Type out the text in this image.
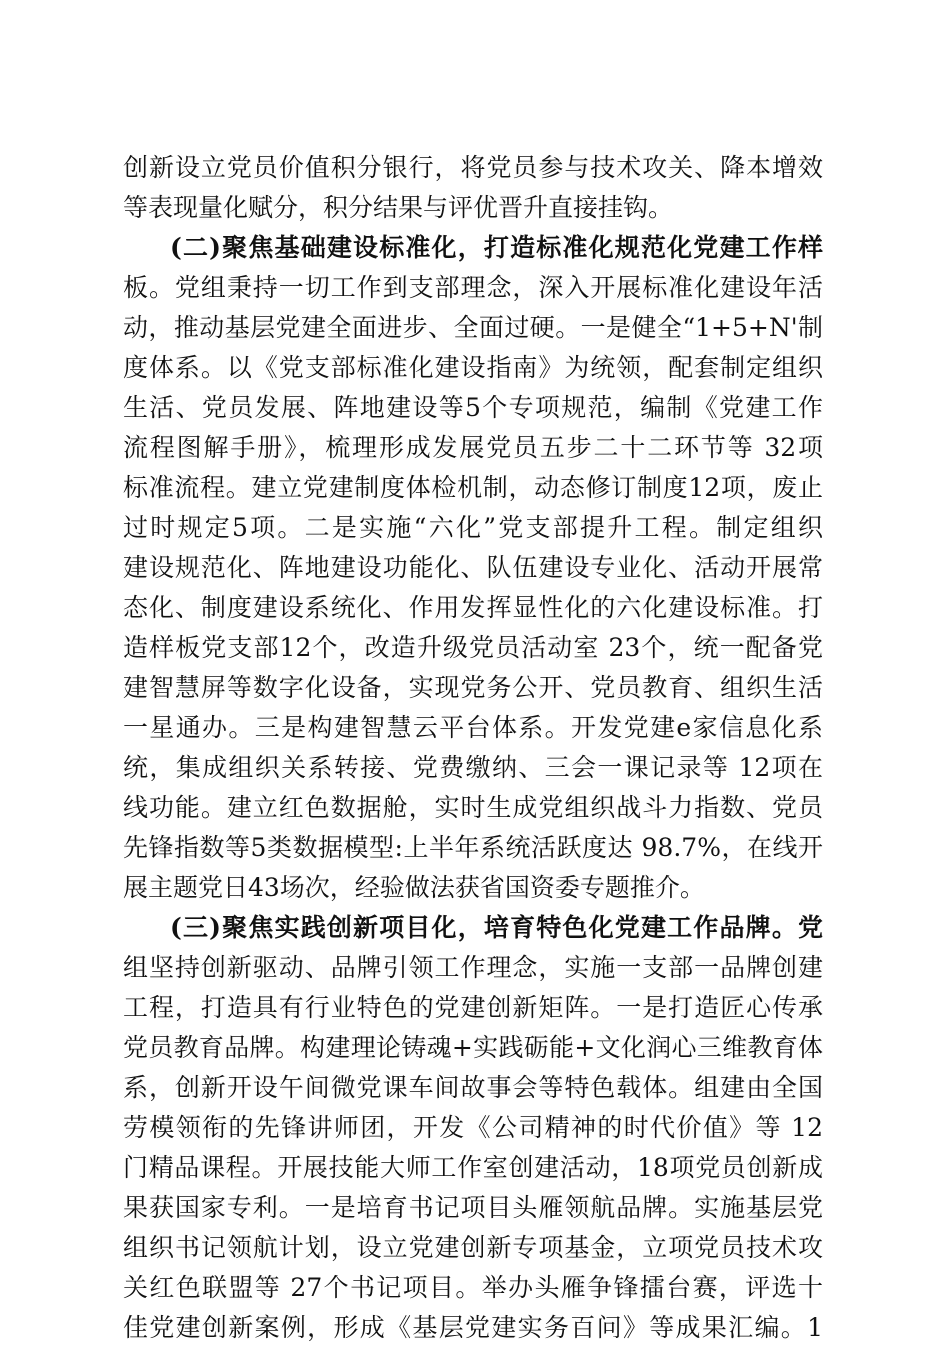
创新设立党员价值积分银行，将党员参与技术攻关、降本增效
等表现量化赋分，积分结果与评优晋升直接挂钩。
(二)聚焦基础建设标准化，打造标准化规范化党建工作样
板。党组秉持一切工作到支部理念，深入开展标准化建设年活
动，推动基层党建全面进步、全面过硬。一是健全“1+5+N'制
度体系。以《党支部标准化建设指南》为统领，配套制定组织
生活、党员发展、阵地建设等5个专项规范，编制《党建工作
流程图解手册》，梳理形成发展党员五步二十二环节等 32项
标准流程。建立党建制度体检机制，动态修订制度12项，废止
过时规定5项。二是实施“六化”党支部提升工程。制定组织
建设规范化、阵地建设功能化、队伍建设专业化、活动开展常
态化、制度建设系统化、作用发挥显性化的六化建设标准。打
造样板党支部12个，改造升级党员活动室 23个，统一配备党
建智慧屏等数字化设备，实现党务公开、党员教育、组织生活
一星通办。三是构建智慧云平台体系。开发党建e家信息化系
统，集成组织关系转接、党费缴纳、三会一课记录等 12项在
线功能。建立红色数据舱，实时生成党组织战斗力指数、党员
先锋指数等5类数据模型:上半年系统活跃度达 98.7%，在线开
展主题党日43场次，经验做法获省国资委专题推介。
(三)聚焦实践创新项目化，培育特色化党建工作品牌。党
组坚持创新驱动、品牌引领工作理念，实施一支部一品牌创建
工程，打造具有行业特色的党建创新矩阵。一是打造匠心传承
党员教育品牌。构建理论铸魂+实践砺能+文化润心三维教育体
系，创新开设午间微党课车间故事会等特色载体。组建由全国
劳模领衔的先锋讲师团，开发《公司精神的时代价值》等 12
门精品课程。开展技能大师工作室创建活动，18项党员创新成
果获国家专利。一是培育书记项目头雁领航品牌。实施基层党
组织书记领航计划，设立党建创新专项基金，立项党员技术攻
关红色联盟等 27个书记项目。举办头雁争锋擂台赛，评选十
佳党建创新案例，形成《基层党建实务百问》等成果汇编。1
